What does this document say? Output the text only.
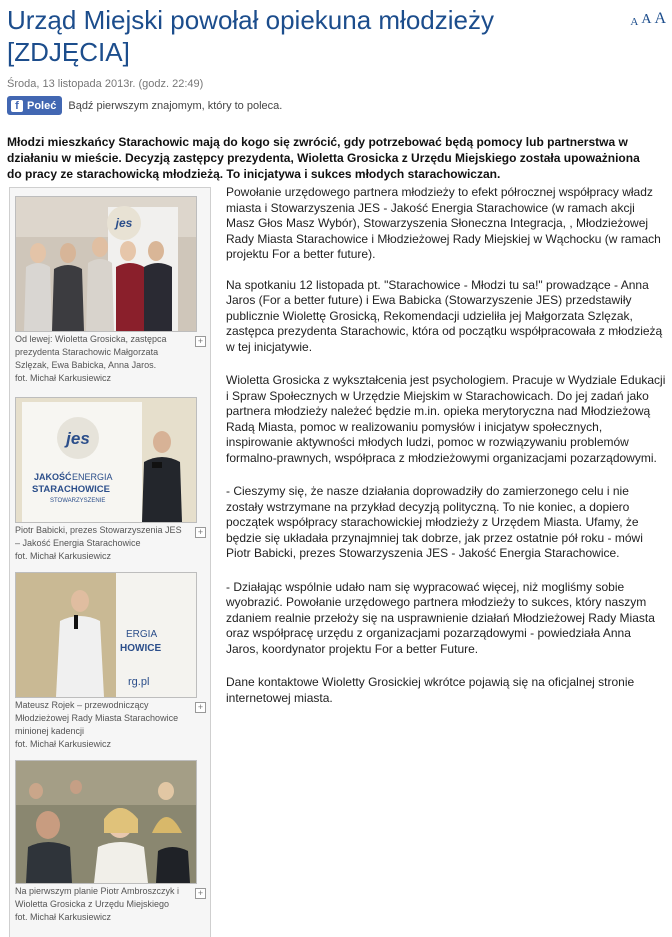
Urząd Miejski powołał opiekuna młodzieży [ZDJĘCIA]
A A A
Środa, 13 listopada 2013r. (godz. 22:49)
f Poleć Bądź pierwszym znajomym, który to poleca.

Młodzi mieszkańcy Starachowic mają do kogo się zwrócić, gdy potrzebować będą pomocy lub partnerstwa w działaniu w mieście. Decyzją zastępcy prezydenta, Wioletta Grosicka z Urzędu Miejskiego została upoważniona do pracy ze starachowicką młodzieżą. To inicjatywa i sukces młodych starachowiczan.

jes

Od lewej: Wioletta Grosicka, zastępca prezydenta Starachowic Małgorzata Szlęzak, Ewa Babicka, Anna Jaros.
fot. Michał Karkusiewicz

+
jes
JAKOŚĆ ENERGIA
STARACHOWICE
STOWARZYSZENIE

Piotr Babicki, prezes Stowarzyszenia JES – Jakość Energia Starachowice
fot. Michał Karkusiewicz

+
ERGIA
HOWICE
rg.pl

Mateusz Rojek – przewodniczący Młodzieżowej Rady Miasta Starachowice minionej kadencji
fot. Michał Karkusiewicz

+

Na pierwszym planie Piotr Ambroszczyk i Wioletta Grosicka z Urzędu Miejskiego
fot. Michał Karkusiewicz

+

Powołanie urzędowego partnera młodzieży to efekt półrocznej współpracy władz miasta i Stowarzyszenia JES - Jakość Energia Starachowice (w ramach akcji Masz Głos Masz Wybór), Stowarzyszenia Słoneczna Integracja, , Młodzieżowej Rady Miasta Starachowice i Młodzieżowej Rady Miejskiej w Wąchocku (w ramach projektu For a better future).

Na spotkaniu 12 listopada pt. "Starachowice - Młodzi tu sa!" prowadzące - Anna Jaros (For a better future) i Ewa Babicka (Stowarzyszenie JES) przedstawiły publicznie Wiolettę Grosicką, Rekomendacji udzieliła jej Małgorzata Szlęzak, zastępca prezydenta Starachowic, która od początku współpracowała z młodzieżą w tej inicjatywie.

Wioletta Grosicka z wykształcenia jest psychologiem. Pracuje w Wydziale Edukacji i Spraw Społecznych w Urzędzie Miejskim w Starachowicach. Do jej zadań jako partnera młodzieży należeć będzie m.in. opieka merytoryczna nad Młodzieżową Radą Miasta, pomoc w realizowaniu pomysłów i inicjatyw społecznych, inspirowanie aktywności młodych ludzi, pomoc w rozwiązywaniu problemów formalno-prawnych, współpraca z młodzieżowymi organizacjami pozarządowymi.

- Cieszymy się, że nasze działania doprowadziły do zamierzonego celu i nie zostały wstrzymane na przykład decyzją polityczną. To nie koniec, a dopiero początek współpracy starachowickiej młodzieży z Urzędem Miasta. Ufamy, że będzie się układała przynajmniej tak dobrze, jak przez ostatnie pół roku - mówi Piotr Babicki, prezes Stowarzyszenia JES - Jakość Energia Starachowice.

- Działając wspólnie udało nam się wypracować więcej, niż mogliśmy sobie wyobrazić. Powołanie urzędowego partnera młodzieży to sukces, który naszym zdaniem realnie przełoży się na usprawnienie działań Młodzieżowej Rady Miasta oraz współpracę urzędu z organizacjami pozarządowymi - powiedziała Anna Jaros, koordynator projektu For a better Future.

Dane kontaktowe Wioletty Grosickiej wkrótce pojawią się na oficjalnej stronie internetowej miasta.
